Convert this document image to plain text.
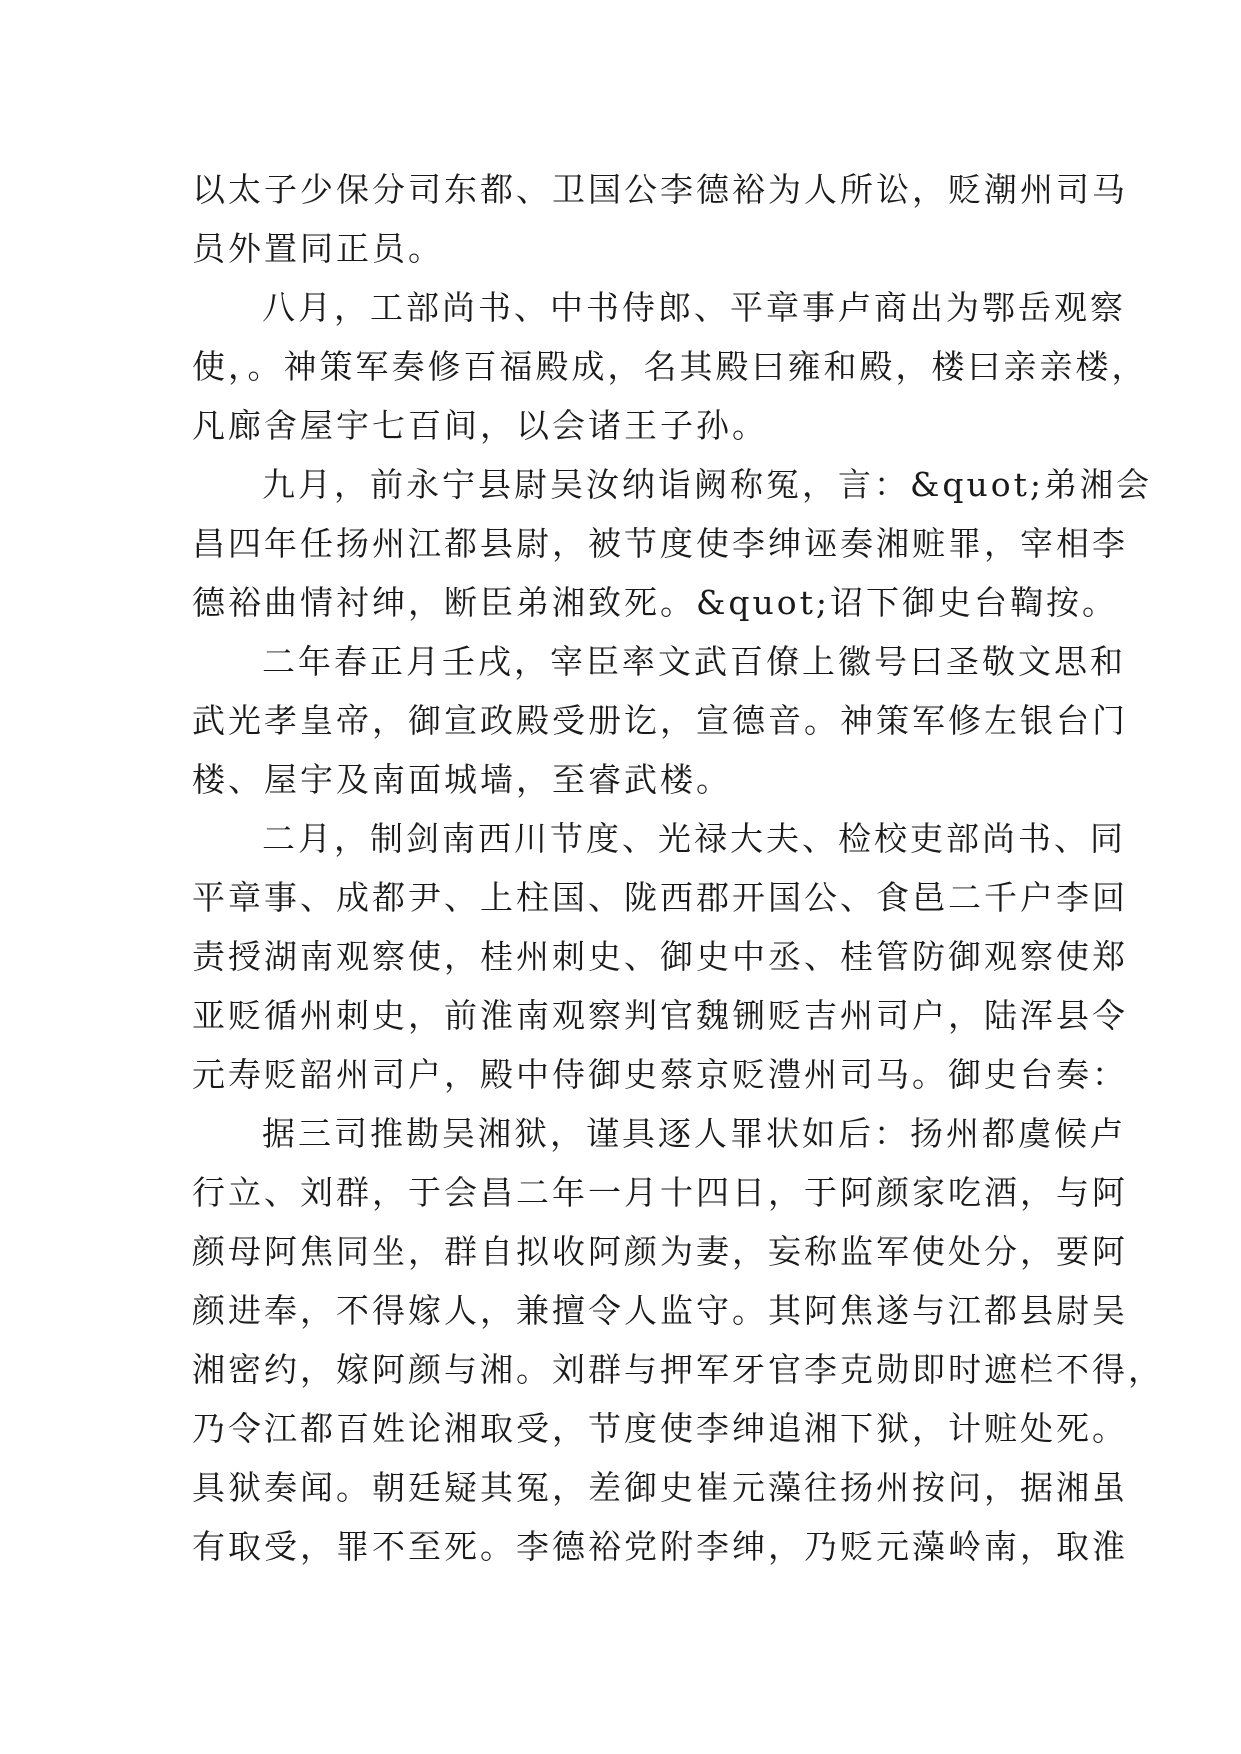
以太子少保分司东都、卫国公李德裕为人所讼，贬潮州司马
员外置同正员。
八月，工部尚书、中书侍郎、平章事卢商出为鄂岳观察
使，。神策军奏修百福殿成，名其殿曰雍和殿，楼曰亲亲楼，
凡廊舍屋宇七百间，以会诸王子孙。
九月，前永宁县尉吴汝纳诣阙称冤，言：&quot;弟湘会
昌四年任扬州江都县尉，被节度使李绅诬奏湘赃罪，宰相李
德裕曲情衬绅，断臣弟湘致死。&quot;诏下御史台鞫按。
二年春正月壬戌，宰臣率文武百僚上徽号曰圣敬文思和
武光孝皇帝，御宣政殿受册讫，宣德音。神策军修左银台门
楼、屋宇及南面城墙，至睿武楼。
二月，制剑南西川节度、光禄大夫、检校吏部尚书、同
平章事、成都尹、上柱国、陇西郡开国公、食邑二千户李回
责授湖南观察使，桂州刺史、御史中丞、桂管防御观察使郑
亚贬循州刺史，前淮南观察判官魏铏贬吉州司户，陆浑县令
元寿贬韶州司户，殿中侍御史蔡京贬澧州司马。御史台奏：
据三司推勘吴湘狱，谨具逐人罪状如后：扬州都虞候卢
行立、刘群，于会昌二年一月十四日，于阿颜家吃酒，与阿
颜母阿焦同坐，群自拟收阿颜为妻，妄称监军使处分，要阿
颜进奉，不得嫁人，兼擅令人监守。其阿焦遂与江都县尉吴
湘密约，嫁阿颜与湘。刘群与押军牙官李克勋即时遮栏不得，
乃令江都百姓论湘取受，节度使李绅追湘下狱，计赃处死。
具狱奏闻。朝廷疑其冤，差御史崔元藻往扬州按问，据湘虽
有取受，罪不至死。李德裕党附李绅，乃贬元藻岭南，取淮
